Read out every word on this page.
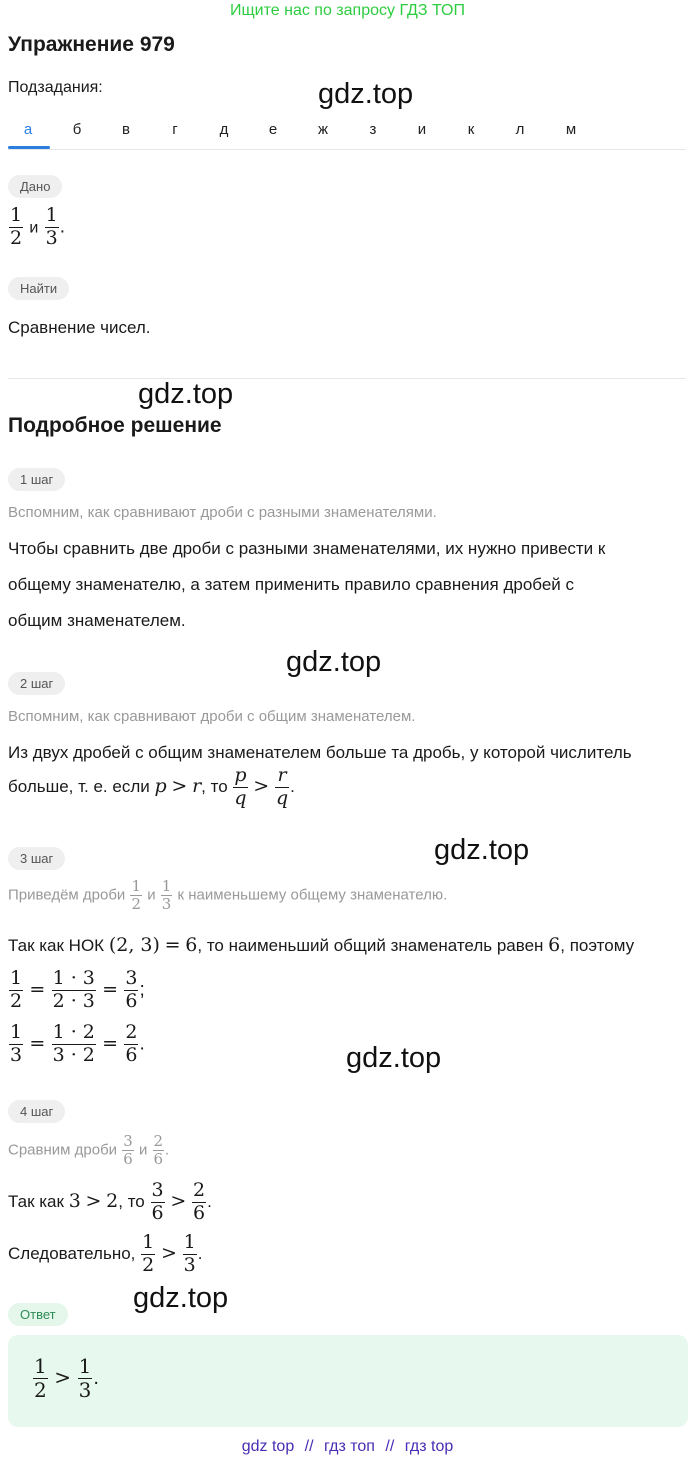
Ищите нас по запросу ГДЗ ТОП
Упражнение 979
Подзадания:	gdz.top
а	б	в	г	д	е	ж	з	и	к	л	м
Дано
$\frac{1}{2}$ и $\frac{1}{3}$ .
Найти
Сравнение чисел.
gdz.top
Подробное решение
1 шаг
Вспомним, как сравнивают дроби с разными знаменателями.
Чтобы сравнить две дроби с разными знаменателями, их нужно привести к
общему знаменателю, а затем применить правило сравнения дробей с
общим знаменателем.
gdz.top
2 шаг
Вспомним, как сравнивают дроби с общим знаменателем.
Из двух дробей с общим знаменателем больше та дробь, у которой числитель
больше, т. е. если p > r, то $\frac{p}{q} > \frac{r}{q}$ .
gdz.top
3 шаг
Приведём дроби $\frac{1}{2}$ и $\frac{1}{3}$ к наименьшему общему знаменателю.
Так как НОК (2, 3) = 6, то наименьший общий знаменатель равен 6, поэтому
$\frac{1}{2} = \frac{1 \cdot 3}{2 \cdot 3} = \frac{3}{6}$ ;
$\frac{1}{3} = \frac{1 \cdot 2}{3 \cdot 2} = \frac{2}{6}$ .	gdz.top
4 шаг
Сравним дроби $\frac{3}{6}$ и $\frac{2}{6}$ .
Так как 3 > 2, то $\frac{3}{6} > \frac{2}{6}$ .
Следовательно, $\frac{1}{2} > \frac{1}{3}$ .
gdz.top
Ответ
$\frac{1}{2} > \frac{1}{3}$ .
gdz top // гдз топ // гдз top
